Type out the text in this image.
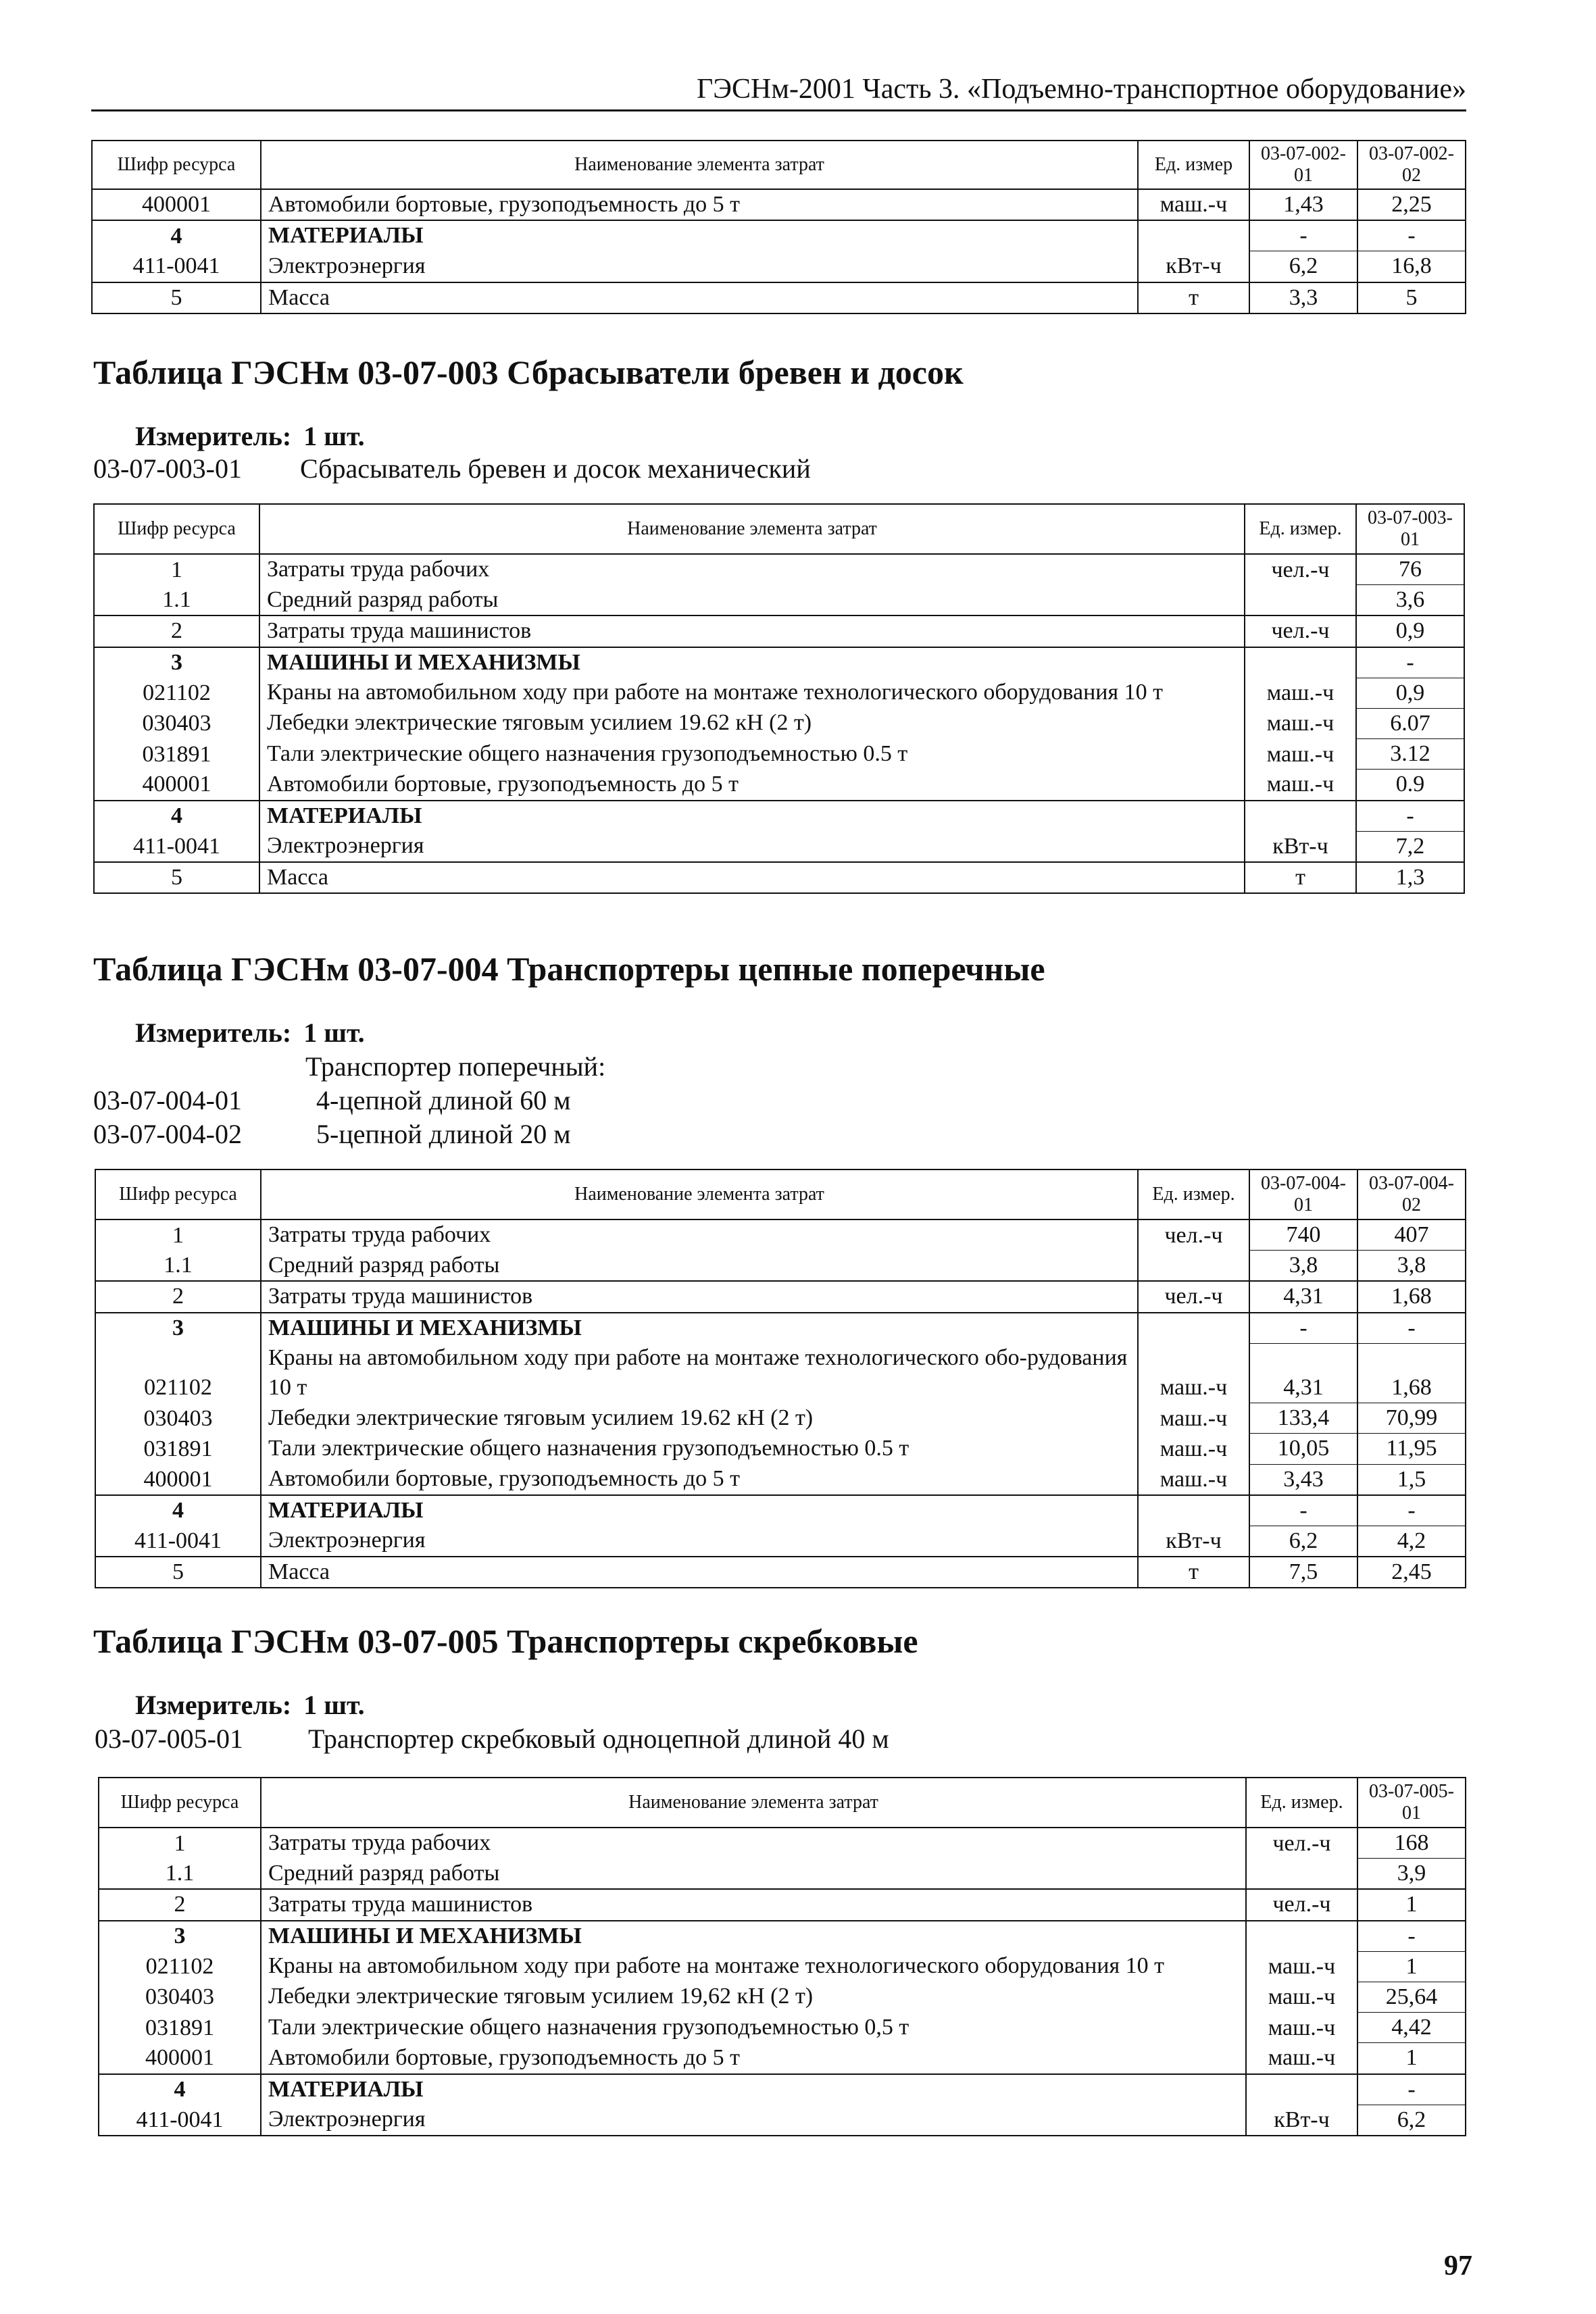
ГЭСНм-2001 Часть 3. «Подъемно-транспортное оборудование»
Шифр ресурса	Наименование элемента затрат	Ед. измер	03-07-002-01	03-07-002-02
400001	Автомобили бортовые, грузоподъемность до 5 т	маш.-ч	1,43	2,25
4	МАТЕРИАЛЫ		-	-
411-0041	Электроэнергия	кВт-ч	6,2	16,8
5	Масса	т	3,3	5
Таблица ГЭСНм 03-07-003 Сбрасыватели бревен и досок
Измеритель: 1 шт.
03-07-003-01 Сбрасыватель бревен и досок механический
Шифр ресурса	Наименование элемента затрат	Ед. измер.	03-07-003-01
1	Затраты труда рабочих	чел.-ч	76
1.1	Средний разряд работы		3,6
2	Затраты труда машинистов	чел.-ч	0,9
3	МАШИНЫ И МЕХАНИЗМЫ		-
021102	Краны на автомобильном ходу при работе на монтаже технологического оборудования 10 т	маш.-ч	0,9
030403	Лебедки электрические тяговым усилием 19.62 кН (2 т)	маш.-ч	6.07
031891	Тали электрические общего назначения грузоподъемностью 0.5 т	маш.-ч	3.12
400001	Автомобили бортовые, грузоподъемность до 5 т	маш.-ч	0.9
4	МАТЕРИАЛЫ		-
411-0041	Электроэнергия	кВт-ч	7,2
5	Масса	т	1,3
Таблица ГЭСНм 03-07-004 Транспортеры цепные поперечные
Измеритель: 1 шт.
Транспортер поперечный:
03-07-004-01	4-цепной длиной 60 м
03-07-004-02	5-цепной длиной 20 м
Шифр ресурса	Наименование элемента затрат	Ед. измер.	03-07-004-01	03-07-004-02
1	Затраты труда рабочих	чел.-ч	740	407
1.1	Средний разряд работы		3,8	3,8
2	Затраты труда машинистов	чел.-ч	4,31	1,68
3	МАШИНЫ И МЕХАНИЗМЫ		-	-
021102	Краны на автомобильном ходу при работе на монтаже технологического обо-рудования 10 т	маш.-ч	4,31	1,68
030403	Лебедки электрические тяговым усилием 19.62 кН (2 т)	маш.-ч	133,4	70,99
031891	Тали электрические общего назначения грузоподъемностью 0.5 т	маш.-ч	10,05	11,95
400001	Автомобили бортовые, грузоподъемность до 5 т	маш.-ч	3,43	1,5
4	МАТЕРИАЛЫ		-	-
411-0041	Электроэнергия	кВт-ч	6,2	4,2
5	Масса	т	7,5	2,45
Таблица ГЭСНм 03-07-005 Транспортеры скребковые
Измеритель: 1 шт.
03-07-005-01 Транспортер скребковый одноцепной длиной 40 м
Шифр ресурса	Наименование элемента затрат	Ед. измер.	03-07-005-01
1	Затраты труда рабочих	чел.-ч	168
1.1	Средний разряд работы		3,9
2	Затраты труда машинистов	чел.-ч	1
3	МАШИНЫ И МЕХАНИЗМЫ		-
021102	Краны на автомобильном ходу при работе на монтаже технологического оборудования 10 т	маш.-ч	1
030403	Лебедки электрические тяговым усилием 19,62 кН (2 т)	маш.-ч	25,64
031891	Тали электрические общего назначения грузоподъемностью 0,5 т	маш.-ч	4,42
400001	Автомобили бортовые, грузоподъемность до 5 т	маш.-ч	1
4	МАТЕРИАЛЫ		-
411-0041	Электроэнергия	кВт-ч	6,2
97
